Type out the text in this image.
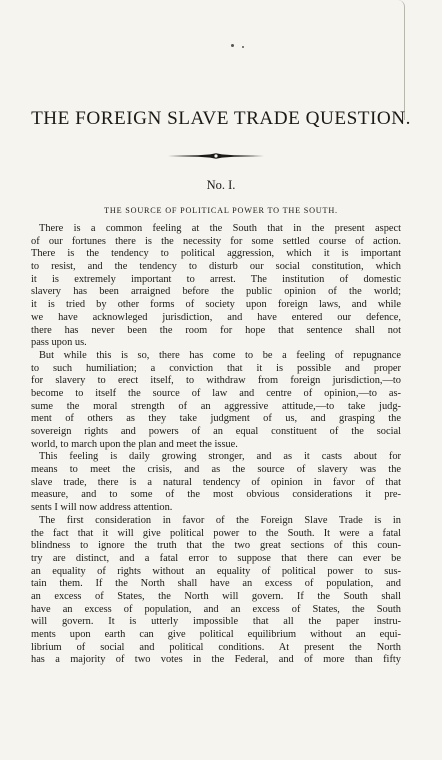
THE FOREIGN SLAVE TRADE QUESTION.
No. I.
THE SOURCE OF POLITICAL POWER TO THE SOUTH.
There is a common feeling at the South that in the present aspect
of our fortunes there is the necessity for some settled course of action.
There is the tendency to political aggression, which it is important
to resist, and the tendency to disturb our social constitution, which
it is extremely important to arrest. The institution of domestic
slavery has been arraigned before the public opinion of the world;
it is tried by other forms of society upon foreign laws, and while
we have acknowleged jurisdiction, and have entered our defence,
there has never been the room for hope that sentence shall not
pass upon us.
But while this is so, there has come to be a feeling of repugnance
to such humiliation; a conviction that it is possible and proper
for slavery to erect itself, to withdraw from foreign jurisdiction,—to
become to itself the source of law and centre of opinion,—to as-
sume the moral strength of an aggressive attitude,—to take judg-
ment of others as they take judgment of us, and grasping the
sovereign rights and powers of an equal constituent of the social
world, to march upon the plan and meet the issue.
This feeling is daily growing stronger, and as it casts about for
means to meet the crisis, and as the source of slavery was the
slave trade, there is a natural tendency of opinion in favor of that
measure, and to some of the most obvious considerations it pre-
sents I will now address attention.
The first consideration in favor of the Foreign Slave Trade is in
the fact that it will give political power to the South. It were a fatal
blindness to ignore the truth that the two great sections of this coun-
try are distinct, and a fatal error to suppose that there can ever be
an equality of rights without an equality of political power to sus-
tain them. If the North shall have an excess of population, and
an excess of States, the North will govern. If the South shall
have an excess of population, and an excess of States, the South
will govern. It is utterly impossible that all the paper instru-
ments upon earth can give political equilibrium without an equi-
librium of social and political conditions. At present the North
has a majority of two votes in the Federal, and of more than fifty
